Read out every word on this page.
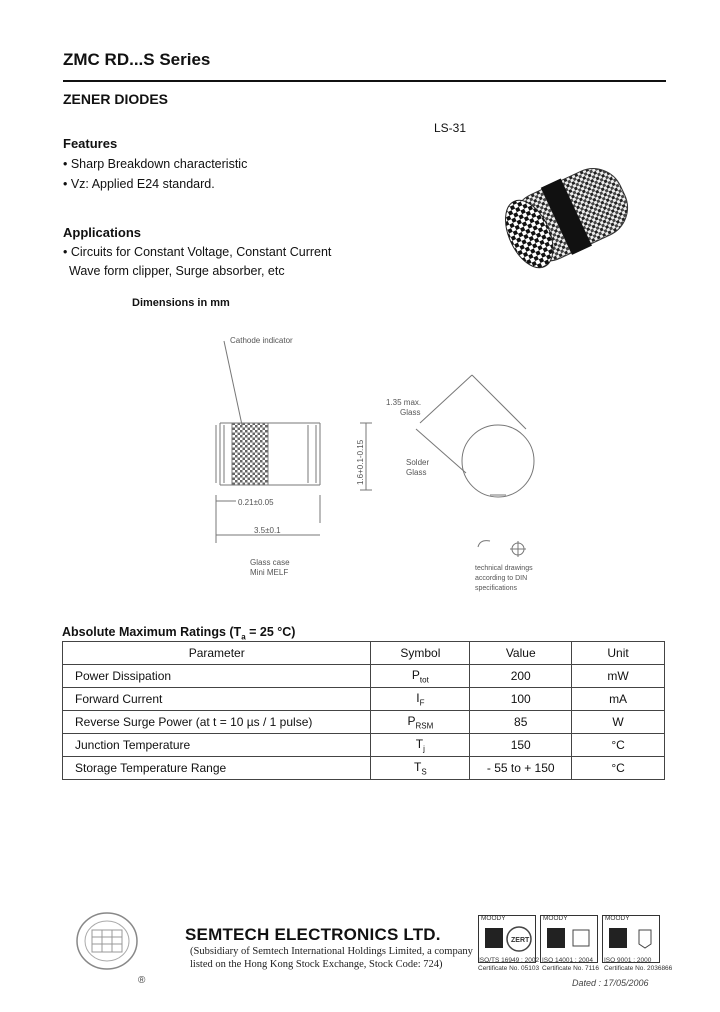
ZMC RD...S Series
ZENER DIODES
Features
• Sharp Breakdown characteristic
• Vz: Applied E24 standard.
Applications
• Circuits for Constant Voltage, Constant Current
Wave form clipper, Surge absorber, etc
LS-31
Dimensions in mm
Cathode indicator
1.35 max.
Glass
Solder
Glass
0.21±0.05
3.5±0.1
1.6+0.1-0.15
Glass case
Mini MELF	technical drawings
according to DIN
specifications
Absolute Maximum Ratings ($T_a = 25$ °C)
Parameter	Symbol	Value	Unit
Power Dissipation	$P_{tot}$	200	mW
Forward Current	$I_F$	100	mA
Reverse Surge Power (at t = 10 µs / 1 pulse)	$P_{RSM}$	85	W
Junction Temperature	$T_j$	150	°C
Storage Temperature Range	$T_S$	- 55 to + 150	°C
®
SEMTECH ELECTRONICS LTD.
(Subsidiary of Semtech International Holdings Limited, a company
listed on the Hong Kong Stock Exchange, Stock Code: 724)
MOODY
ZERT
MOODY	MOODY
ISO/TS 16949 : 2002
Certificate No. 05103
ISO 14001 : 2004
Certificate No. 7116
ISO 9001 : 2000
Certificate No. 2036866
Dated : 17/05/2006
